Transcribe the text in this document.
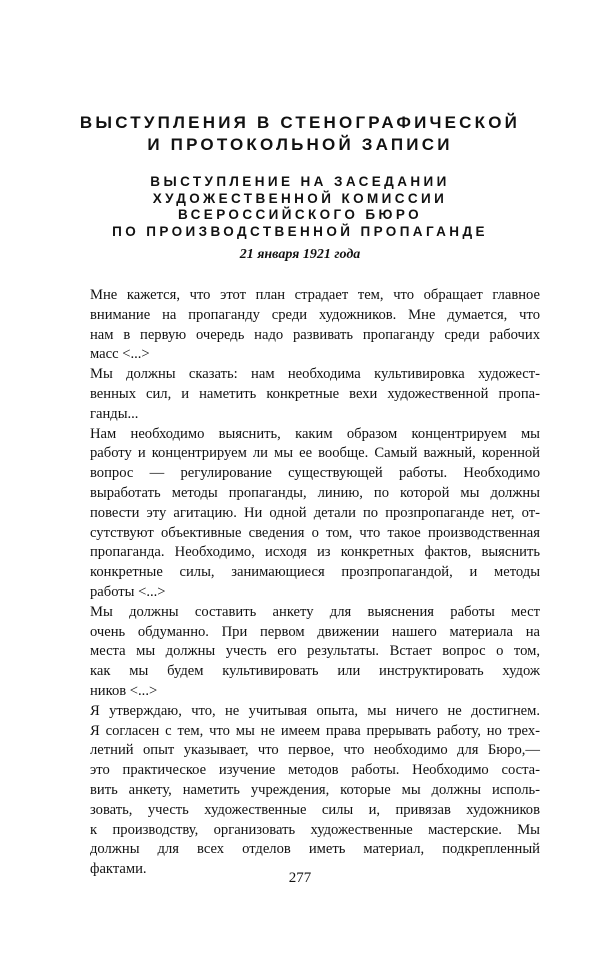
ВЫСТУПЛЕНИЯ В СТЕНОГРАФИЧЕСКОЙ
И ПРОТОКОЛЬНОЙ ЗАПИСИ
ВЫСТУПЛЕНИЕ НА ЗАСЕДАНИИ
ХУДОЖЕСТВЕННОЙ КОМИССИИ
ВСЕРОССИЙСКОГО БЮРО
ПО ПРОИЗВОДСТВЕННОЙ ПРОПАГАНДЕ
21 января 1921 года
Мне кажется, что этот план страдает тем, что обращает главное
внимание на пропаганду среди художников. Мне думается, что
нам в первую очередь надо развивать пропаганду среди рабочих
масс <...>
Мы должны сказать: нам необходима культивировка художест-
венных сил, и наметить конкретные вехи художественной пропа-
ганды...
Нам необходимо выяснить, каким образом концентрируем мы
работу и концентрируем ли мы ее вообще. Самый важный, коренной
вопрос — регулирование существующей работы. Необходимо
выработать методы пропаганды, линию, по которой мы должны
повести эту агитацию. Ни одной детали по прозпропаганде нет, от-
сутствуют объективные сведения о том, что такое производственная
пропаганда. Необходимо, исходя из конкретных фактов, выяснить
конкретные силы, занимающиеся прозпропагандой, и методы
работы <...>
Мы должны составить анкету для выяснения работы мест
очень обдуманно. При первом движении нашего материала на
места мы должны учесть его результаты. Встает вопрос о том,
как мы будем культивировать или инструктировать худож
ников <...>
Я утверждаю, что, не учитывая опыта, мы ничего не достигнем.
Я согласен с тем, что мы не имеем права прерывать работу, но трех-
летний опыт указывает, что первое, что необходимо для Бюро,—
это практическое изучение методов работы. Необходимо соста-
вить анкету, наметить учреждения, которые мы должны исполь-
зовать, учесть художественные силы и, привязав художников
к производству, организовать художественные мастерские. Мы
должны для всех отделов иметь материал, подкрепленный
фактами.
277
